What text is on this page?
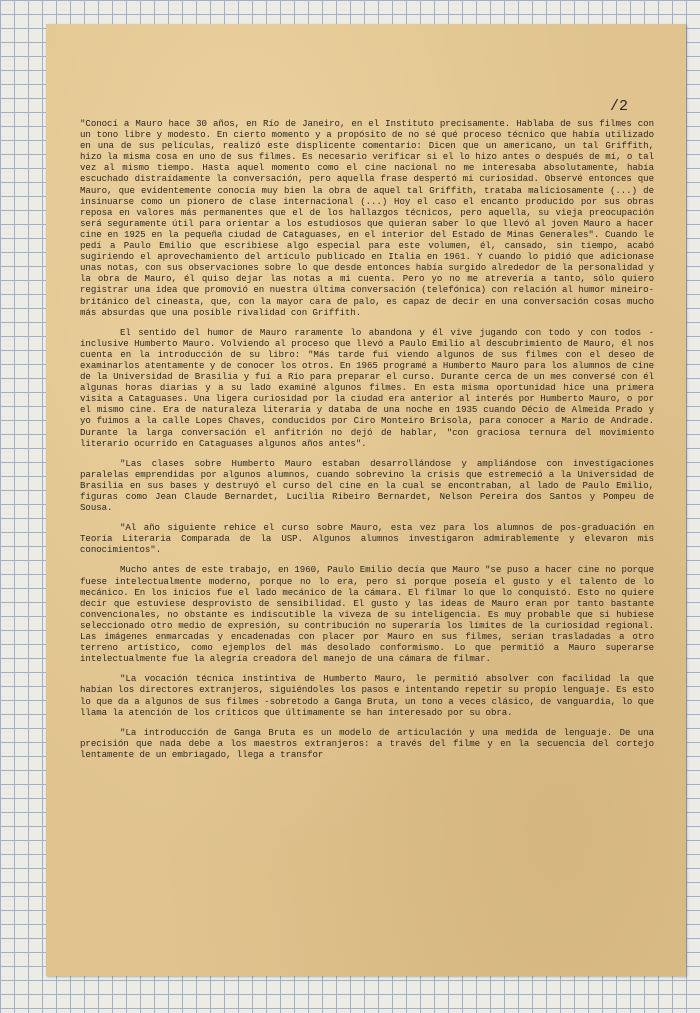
/2

"Conocí a Mauro hace 30 años, en Río de Janeiro, en el Instituto precisamente. Hablaba de sus filmes con un tono libre y modesto. En cierto momento y a propósito de no sé qué proceso técnico que había utilizado en una de sus películas, realizó este displicente comentario: Dicen que un americano, un tal Griffith, hizo la misma cosa en uno de sus filmes. Es necesario verificar si el lo hizo antes o después de mí, o tal vez al mismo tiempo. Hasta aquel momento como el cine nacional no me interesaba absolutamente, había escuchado distraídamente la conversación, pero aquella frase despertó mi curiosidad. Observé entonces que Mauro, que evidentemente conocía muy bien la obra de aquel tal Griffith, trataba maliciosamente (...) de insinuarse como un pionero de clase internacional (...) Hoy el caso el encanto producido por sus obras reposa en valores más permanentes que el de los hallazgos técnicos, pero aquella, su vieja preocupación será seguramente útil para orientar a los estudiosos que quieran saber lo que llevó al joven Mauro a hacer cine en 1925 en la pequeña ciudad de Cataguases, en el interior del Estado de Minas Generales". Cuando le pedí a Paulo Emilio que escribiese algo especial para este volumen, él, cansado, sin tiempo, acabó sugiriendo el aprovechamiento del artículo publicado en Italia en 1961. Y cuando lo pidió que adicionase unas notas, con sus observaciones sobre lo que desde entonces había surgido alrededor de la personalidad y la obra de Mauro, él quiso dejar las notas a mi cuenta. Pero yo no me atrevería a tanto, sólo quiero registrar una idea que promovió en nuestra última conversación (telefónica) con relación al humor mineiro-británico del cineasta, que, con la mayor cara de palo, es capaz de decir en una conversación cosas mucho más absurdas que una posible rivalidad con Griffith.

El sentido del humor de Mauro raramente lo abandona y él vive jugando con todo y con todos -inclusive Humberto Mauro. Volviendo al proceso que llevó a Paulo Emilio al descubrimiento de Mauro, él nos cuenta en la introducción de su libro: "Más tarde fuí viendo algunos de sus filmes con el deseo de examinarlos atentamente y de conocer los otros. En 1965 programé a Humberto Mauro para los alumnos de cine de la Universidad de Brasilia y fuí a Río para preparar el curso. Durante cerca de un mes conversé con él algunas horas diarias y a su lado examiné algunos filmes. En esta misma oportunidad hice una primera visita a Cataguases. Una ligera curiosidad por la ciudad era anterior al interés por Humberto Mauro, o por el mismo cine. Era de naturaleza literaria y databa de una noche en 1935 cuando Décio de Almeida Prado y yo fuimos a la calle Lopes Chaves, conducidos por Ciro Monteiro Brisola, para conocer a Mario de Andrade. Durante la larga conversación el anfitrión no dejó de hablar, "con graciosa ternura del movimiento literario ocurrido en Cataguases algunos años antes".

"Las clases sobre Humberto Mauro estaban desarrollándose y ampliándose con investigaciones paralelas emprendidas por algunos alumnos, cuando sobrevino la crisis que estremeció a la Universidad de Brasilia en sus bases y destruyó el curso del cine en la cual se encontraban, al lado de Paulo Emilio, figuras como Jean Claude Bernardet, Lucilia Ribeiro Bernardet, Nelson Pereira dos Santos y Pompeu de Sousa.

"Al año siguiente rehice el curso sobre Mauro, esta vez para los alumnos de pos-graduación en Teoría Literaria Comparada de la USP. Algunos alumnos investigaron admirablemente y elevaron mis conocimientos".

Mucho antes de este trabajo, en 1960, Paulo Emilio decía que Mauro "se puso a hacer cine no porque fuese intelectualmente moderno, porque no lo era, pero si porque poseía el gusto y el talento de lo mecánico. En los inicios fue el lado mecánico de la cámara. El filmar lo que lo conquistó. Esto no quiere decir que estuviese desprovisto de sensibilidad. El gusto y las ideas de Mauro eran por tanto bastante convencionales, no obstante es indiscutible la viveza de su inteligencia. Es muy probable que si hubiese seleccionado otro medio de expresión, su contribución no superaría los límites de la curiosidad regional. Las imágenes enmarcadas y encadenadas con placer por Mauro en sus filmes, serían trasladadas a otro terreno artístico, como ejemplos del más desolado conformismo. Lo que permitió a Mauro superarse intelectualmente fue la alegría creadora del manejo de una cámara de filmar.

"La vocación técnica instintiva de Humberto Mauro, le permitió absolver con facilidad la que habían los directores extranjeros, siguiéndoles los pasos e intentando repetir su propio lenguaje. Es esto lo que da a algunos de sus filmes -sobretodo a Ganga Bruta, un tono a veces clásico, de vanguardia, lo que llama la atención de los críticos que últimamente se han interesado por su obra.

"La introducción de Ganga Bruta es un modelo de articulación y una medida de lenguaje. De una precisión que nada debe a los maestros extranjeros: a través del filme y en la secuencia del cortejo lentamente de un embriagado, llega a transfor
